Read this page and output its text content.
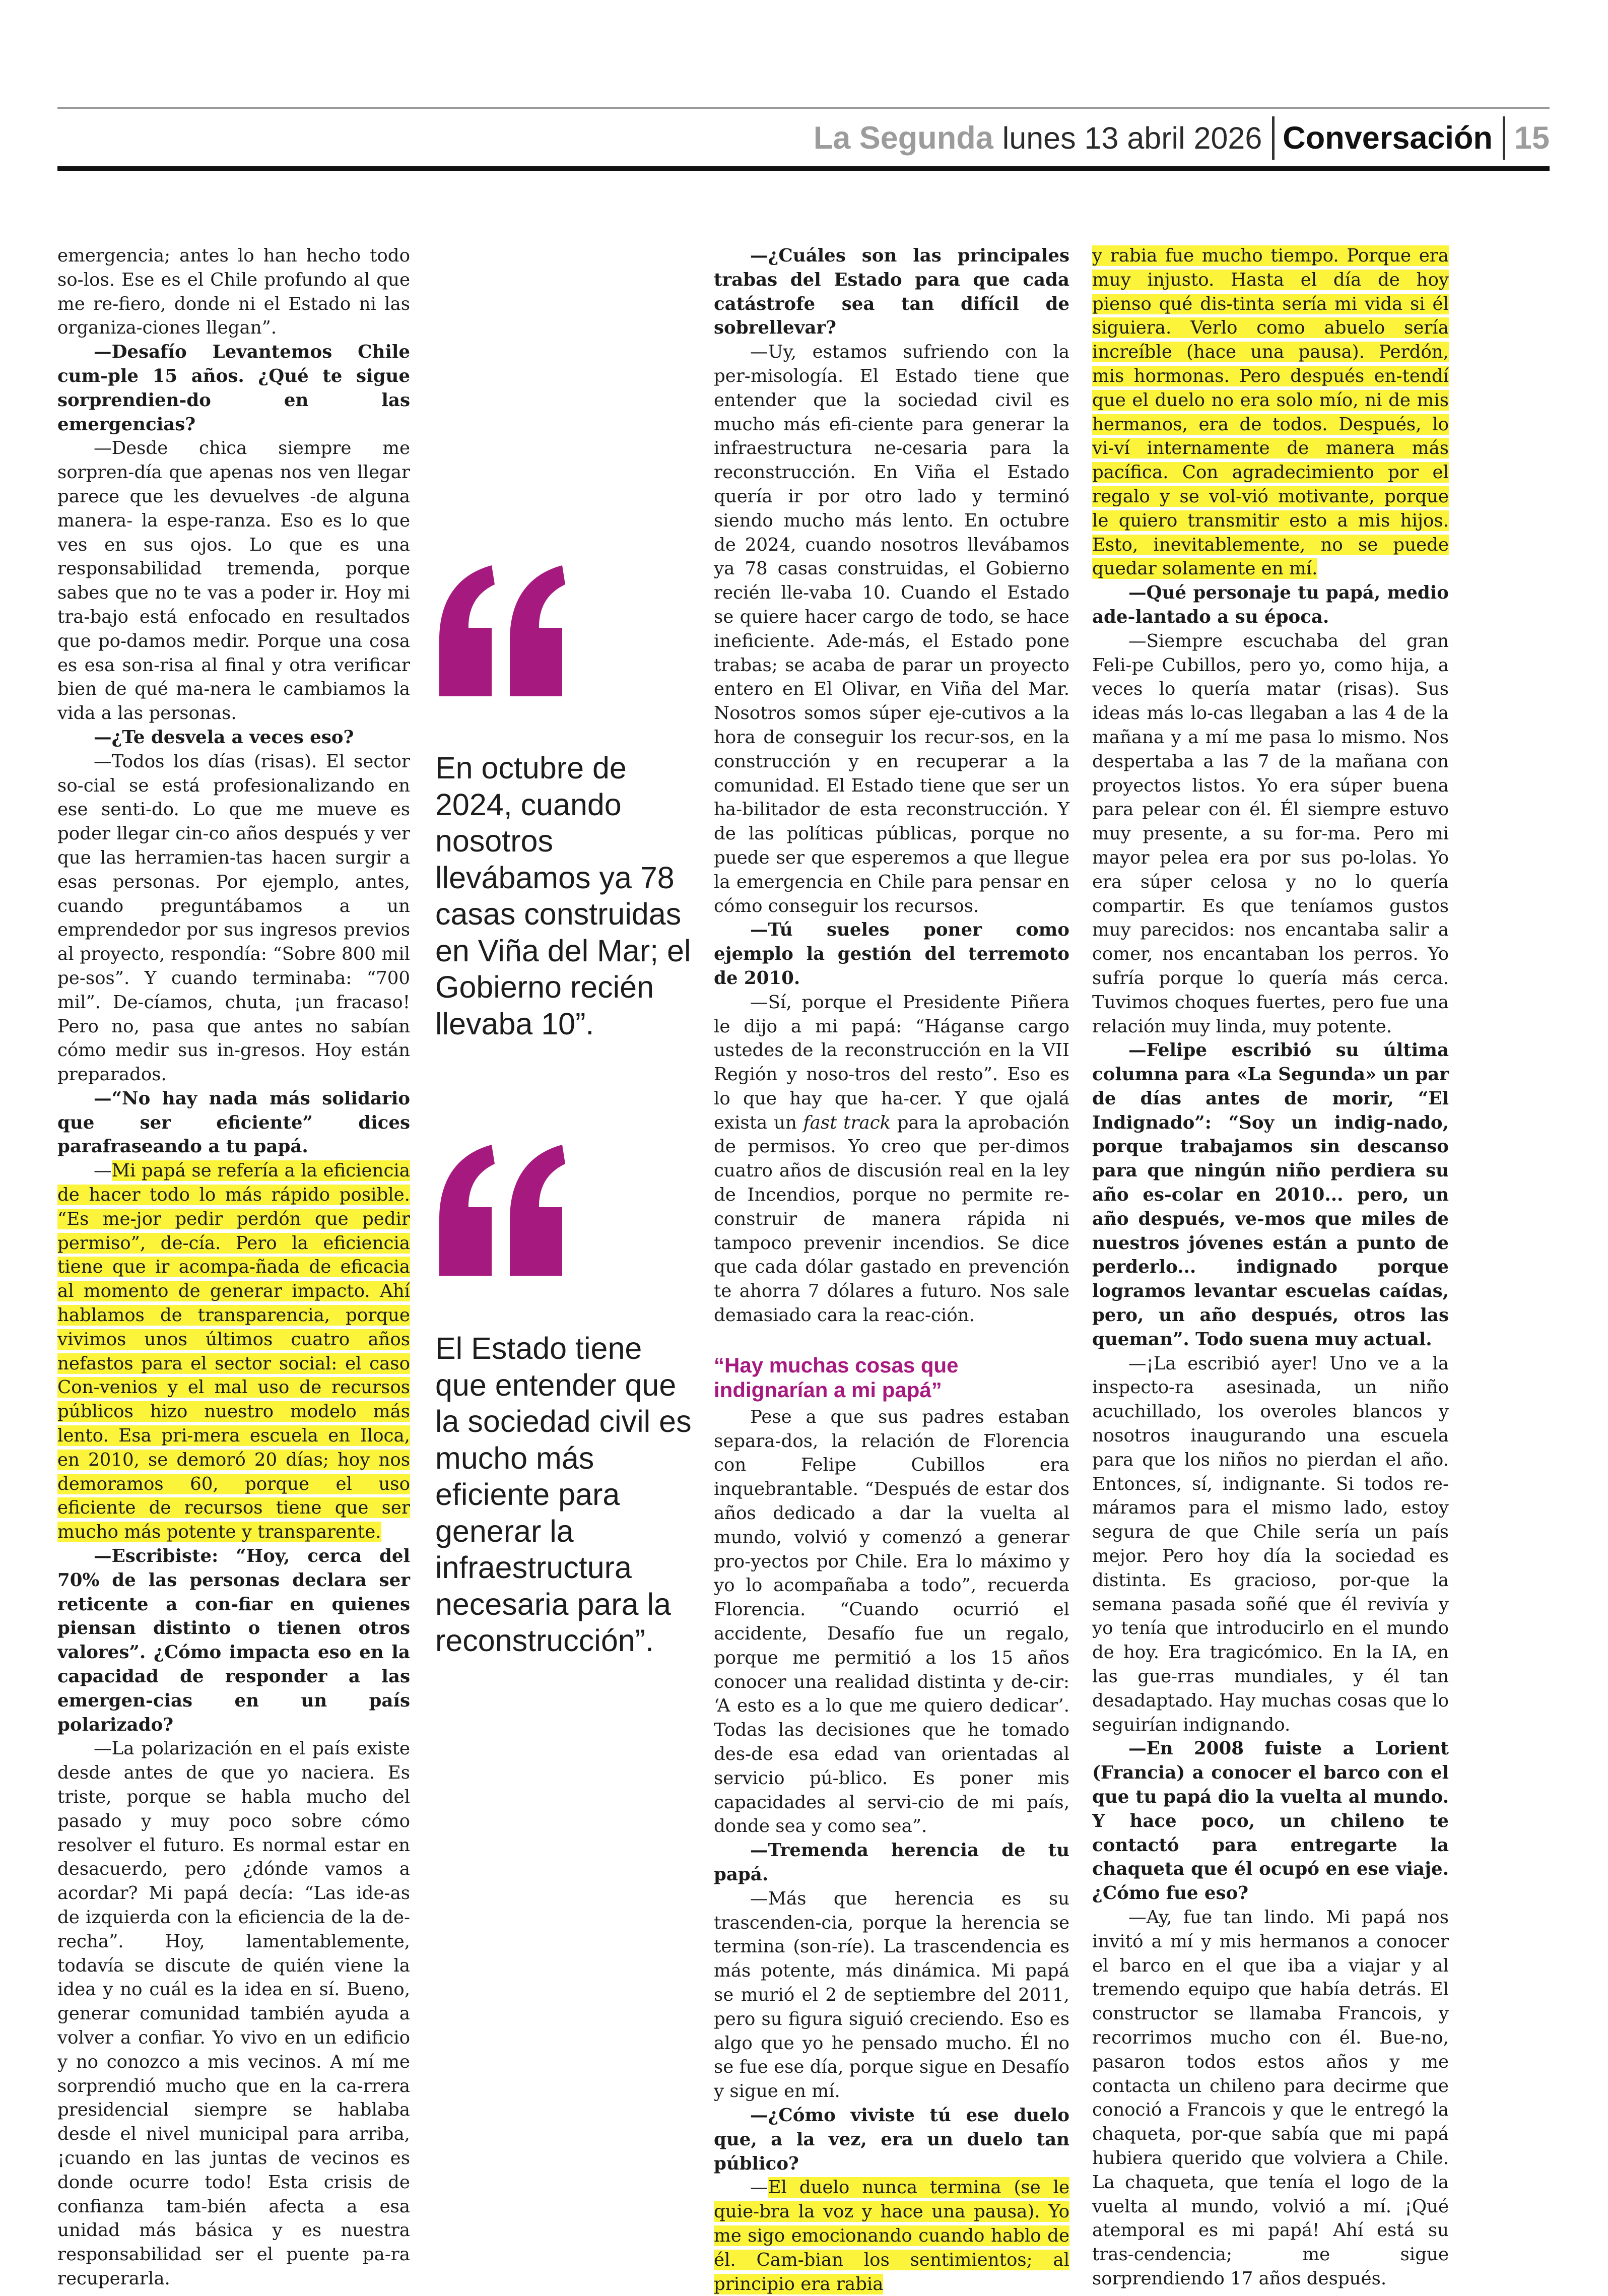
La Segunda lunes 13 abril 2026 Conversación 15

emergencia; antes lo han hecho todo so-los. Ese es el Chile profundo al que me re-fiero, donde ni el Estado ni las organiza-ciones llegan”.

—Desafío Levantemos Chile cum-ple 15 años. ¿Qué te sigue sorprendien-do en las emergencias?

—Desde chica siempre me sorpren-día que apenas nos ven llegar parece que les devuelves -de alguna manera- la espe-ranza. Eso es lo que ves en sus ojos. Lo que es una responsabilidad tremenda, porque sabes que no te vas a poder ir. Hoy mi tra-bajo está enfocado en resultados que po-damos medir. Porque una cosa es esa son-risa al final y otra verificar bien de qué ma-nera le cambiamos la vida a las personas.

—¿Te desvela a veces eso?

—Todos los días (risas). El sector so-cial se está profesionalizando en ese senti-do. Lo que me mueve es poder llegar cin-co años después y ver que las herramien-tas hacen surgir a esas personas. Por ejemplo, antes, cuando preguntábamos a un emprendedor por sus ingresos previos al proyecto, respondía: “Sobre 800 mil pe-sos”. Y cuando terminaba: “700 mil”. De-cíamos, chuta, ¡un fracaso! Pero no, pasa que antes no sabían cómo medir sus in-gresos. Hoy están preparados.

—“No hay nada más solidario que ser eficiente” dices parafraseando a tu papá.

—Mi papá se refería a la eficiencia de hacer todo lo más rápido posible. “Es me-jor pedir perdón que pedir permiso”, de-cía. Pero la eficiencia tiene que ir acompa-ñada de eficacia al momento de generar impacto. Ahí hablamos de transparencia, porque vivimos unos últimos cuatro años nefastos para el sector social: el caso Con-venios y el mal uso de recursos públicos hizo nuestro modelo más lento. Esa pri-mera escuela en Iloca, en 2010, se demoró 20 días; hoy nos demoramos 60, porque el uso eficiente de recursos tiene que ser mucho más potente y transparente.

—Escribiste: “Hoy, cerca del 70% de las personas declara ser reticente a con-fiar en quienes piensan distinto o tienen otros valores”. ¿Cómo impacta eso en la capacidad de responder a las emergen-cias en un país polarizado?

—La polarización en el país existe desde antes de que yo naciera. Es triste, porque se habla mucho del pasado y muy poco sobre cómo resolver el futuro. Es normal estar en desacuerdo, pero ¿dónde vamos a acordar? Mi papá decía: “Las ide-as de izquierda con la eficiencia de la de-recha”. Hoy, lamentablemente, todavía se discute de quién viene la idea y no cuál es la idea en sí. Bueno, generar comunidad también ayuda a volver a confiar. Yo vivo en un edificio y no conozco a mis vecinos. A mí me sorprendió mucho que en la ca-rrera presidencial siempre se hablaba desde el nivel municipal para arriba, ¡cuando en las juntas de vecinos es donde ocurre todo! Esta crisis de confianza tam-bién afecta a esa unidad más básica y es nuestra responsabilidad ser el puente pa-ra recuperarla.

En octubre de 2024, cuando nosotros llevábamos ya 78 casas construidas en Viña del Mar; el Gobierno recién llevaba 10”.

El Estado tiene que entender que la sociedad civil es mucho más eficiente para generar la infraestructura necesaria para la reconstrucción”.

—¿Cuáles son las principales trabas del Estado para que cada catástrofe sea tan difícil de sobrellevar?

—Uy, estamos sufriendo con la per-misología. El Estado tiene que entender que la sociedad civil es mucho más efi-ciente para generar la infraestructura ne-cesaria para la reconstrucción. En Viña el Estado quería ir por otro lado y terminó siendo mucho más lento. En octubre de 2024, cuando nosotros llevábamos ya 78 casas construidas, el Gobierno recién lle-vaba 10. Cuando el Estado se quiere hacer cargo de todo, se hace ineficiente. Ade-más, el Estado pone trabas; se acaba de parar un proyecto entero en El Olivar, en Viña del Mar. Nosotros somos súper eje-cutivos a la hora de conseguir los recur-sos, en la construcción y en recuperar a la comunidad. El Estado tiene que ser un ha-bilitador de esta reconstrucción. Y de las políticas públicas, porque no puede ser que esperemos a que llegue la emergencia en Chile para pensar en cómo conseguir los recursos.

—Tú sueles poner como ejemplo la gestión del terremoto de 2010.

—Sí, porque el Presidente Piñera le dijo a mi papá: “Háganse cargo ustedes de la reconstrucción en la VII Región y noso-tros del resto”. Eso es lo que hay que ha-cer. Y que ojalá exista un fast track para la aprobación de permisos. Yo creo que per-dimos cuatro años de discusión real en la ley de Incendios, porque no permite re-construir de manera rápida ni tampoco prevenir incendios. Se dice que cada dólar gastado en prevención te ahorra 7 dólares a futuro. Nos sale demasiado cara la reac-ción.

“Hay muchas cosas que indignarían a mi papá”

Pese a que sus padres estaban separa-dos, la relación de Florencia con Felipe Cubillos era inquebrantable. “Después de estar dos años dedicado a dar la vuelta al mundo, volvió y comenzó a generar pro-yectos por Chile. Era lo máximo y yo lo acompañaba a todo”, recuerda Florencia. “Cuando ocurrió el accidente, Desafío fue un regalo, porque me permitió a los 15 años conocer una realidad distinta y de-cir: ‘A esto es a lo que me quiero dedicar’. Todas las decisiones que he tomado des-de esa edad van orientadas al servicio pú-blico. Es poner mis capacidades al servi-cio de mi país, donde sea y como sea”.

—Tremenda herencia de tu papá.

—Más que herencia es su trascenden-cia, porque la herencia se termina (son-ríe). La trascendencia es más potente, más dinámica. Mi papá se murió el 2 de septiembre del 2011, pero su figura siguió creciendo. Eso es algo que yo he pensado mucho. Él no se fue ese día, porque sigue en Desafío y sigue en mí.

—¿Cómo viviste tú ese duelo que, a la vez, era un duelo tan público?

—El duelo nunca termina (se le quie-bra la voz y hace una pausa). Yo me sigo emocionando cuando hablo de él. Cam-bian los sentimientos; al principio era rabia

y rabia fue mucho tiempo. Porque era muy injusto. Hasta el día de hoy pienso qué dis-tinta sería mi vida si él siguiera. Verlo como abuelo sería increíble (hace una pausa). Perdón, mis hormonas. Pero después en-tendí que el duelo no era solo mío, ni de mis hermanos, era de todos. Después, lo vi-ví internamente de manera más pacífica. Con agradecimiento por el regalo y se vol-vió motivante, porque le quiero transmitir esto a mis hijos. Esto, inevitablemente, no se puede quedar solamente en mí.

—Qué personaje tu papá, medio ade-lantado a su época.

—Siempre escuchaba del gran Feli-pe Cubillos, pero yo, como hija, a veces lo quería matar (risas). Sus ideas más lo-cas llegaban a las 4 de la mañana y a mí me pasa lo mismo. Nos despertaba a las 7 de la mañana con proyectos listos. Yo era súper buena para pelear con él. Él siempre estuvo muy presente, a su for-ma. Pero mi mayor pelea era por sus po-lolas. Yo era súper celosa y no lo quería compartir. Es que teníamos gustos muy parecidos: nos encantaba salir a comer, nos encantaban los perros. Yo sufría porque lo quería más cerca. Tuvimos choques fuertes, pero fue una relación muy linda, muy potente.

—Felipe escribió su última columna para «La Segunda» un par de días antes de morir, “El Indignado”: “Soy un indig-nado, porque trabajamos sin descanso para que ningún niño perdiera su año es-colar en 2010... pero, un año después, ve-mos que miles de nuestros jóvenes están a punto de perderlo... indignado porque logramos levantar escuelas caídas, pero, un año después, otros las queman”. Todo suena muy actual.

—¡La escribió ayer! Uno ve a la inspecto-ra asesinada, un niño acuchillado, los overoles blancos y nosotros inaugurando una escuela para que los niños no pierdan el año. Entonces, sí, indignante. Si todos re-máramos para el mismo lado, estoy segura de que Chile sería un país mejor. Pero hoy día la sociedad es distinta. Es gracioso, por-que la semana pasada soñé que él revivía y yo tenía que introducirlo en el mundo de hoy. Era tragicómico. En la IA, en las gue-rras mundiales, y él tan desadaptado. Hay muchas cosas que lo seguirían indignando.

—En 2008 fuiste a Lorient (Francia) a conocer el barco con el que tu papá dio la vuelta al mundo. Y hace poco, un chileno te contactó para entregarte la chaqueta que él ocupó en ese viaje. ¿Cómo fue eso?

—Ay, fue tan lindo. Mi papá nos invitó a mí y mis hermanos a conocer el barco en el que iba a viajar y al tremendo equipo que había detrás. El constructor se llamaba Francois, y recorrimos mucho con él. Bue-no, pasaron todos estos años y me contacta un chileno para decirme que conoció a Francois y que le entregó la chaqueta, por-que sabía que mi papá hubiera querido que volviera a Chile. La chaqueta, que tenía el logo de la vuelta al mundo, volvió a mí. ¡Qué atemporal es mi papá! Ahí está su tras-cendencia; me sigue sorprendiendo 17 años después.
